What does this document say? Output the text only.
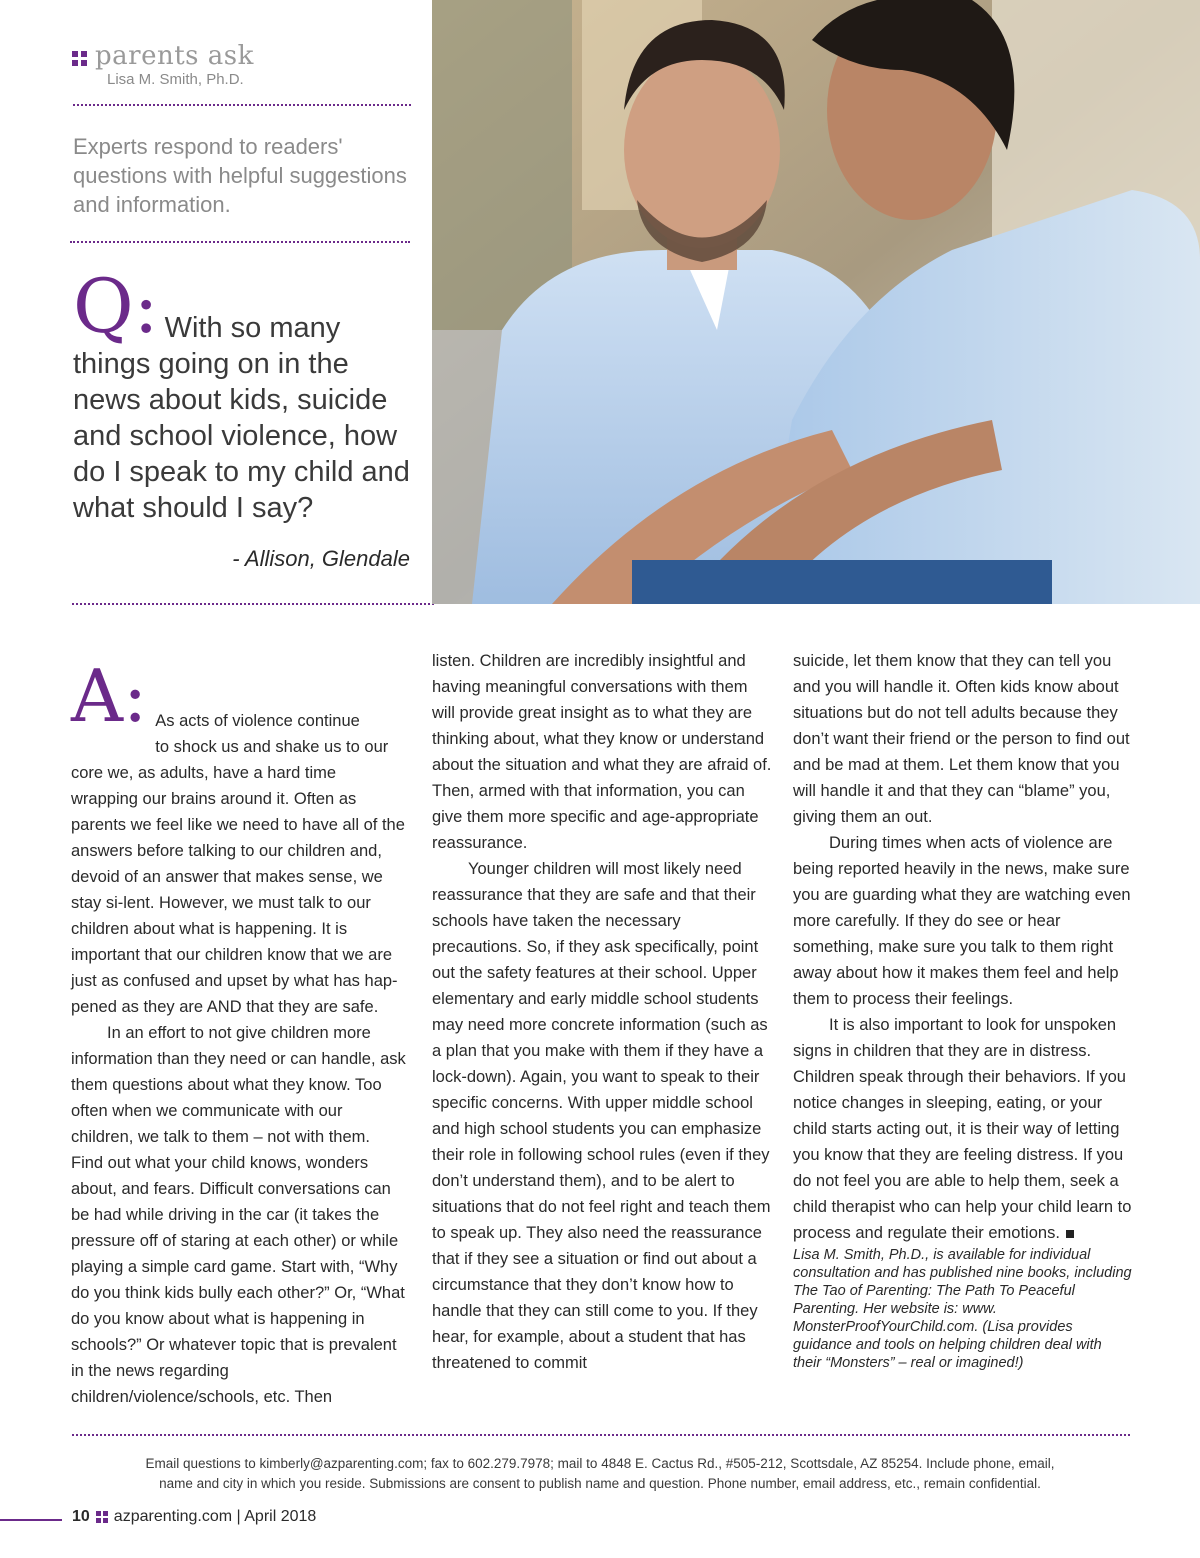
parents ask
Lisa M. Smith, Ph.D.
Experts respond to readers' questions with helpful suggestions and information.
Q: With so many things going on in the news about kids, suicide and school violence, how do I speak to my child and what should I say?
- Allison, Glendale
A: As acts of violence continue

to shock us and shake us to our core we, as adults, have a hard time wrapping our brains around it. Often as parents we feel like we need to have all of the answers before talking to our children and, devoid of an answer that makes sense, we stay si-lent. However, we must talk to our children about what is happening. It is important that our children know that we are just as confused and upset by what has hap-pened as they are AND that they are safe.

In an effort to not give children more information than they need or can handle, ask them questions about what they know. Too often when we communicate with our children, we talk to them – not with them. Find out what your child knows, wonders about, and fears. Difficult conversations can be had while driving in the car (it takes the pressure off of staring at each other) or while playing a simple card game. Start with, “Why do you think kids bully each other?” Or, “What do you know about what is happening in schools?” Or whatever topic that is prevalent in the news regarding children/violence/schools, etc. Then

listen. Children are incredibly insightful and having meaningful conversations with them will provide great insight as to what they are thinking about, what they know or understand about the situation and what they are afraid of. Then, armed with that information, you can give them more specific and age-appropriate reassurance.

Younger children will most likely need reassurance that they are safe and that their schools have taken the necessary precautions. So, if they ask specifically, point out the safety features at their school. Upper elementary and early middle school students may need more concrete information (such as a plan that you make with them if they have a lock-down). Again, you want to speak to their specific concerns. With upper middle school and high school students you can emphasize their role in following school rules (even if they don’t understand them), and to be alert to situations that do not feel right and teach them to speak up. They also need the reassurance that if they see a situation or find out about a circumstance that they don’t know how to handle that they can still come to you. If they hear, for example, about a student that has threatened to commit

suicide, let them know that they can tell you and you will handle it. Often kids know about situations but do not tell adults because they don’t want their friend or the person to find out and be mad at them. Let them know that you will handle it and that they can “blame” you, giving them an out.

During times when acts of violence are being reported heavily in the news, make sure you are guarding what they are watching even more carefully. If they do see or hear something, make sure you talk to them right away about how it makes them feel and help them to process their feelings.

It is also important to look for unspoken signs in children that they are in distress. Children speak through their behaviors. If you notice changes in sleeping, eating, or your child starts acting out, it is their way of letting you know that they are feeling distress. If you do not feel you are able to help them, seek a child therapist who can help your child learn to process and regulate their emotions.

Lisa M. Smith, Ph.D., is available for individual consultation and has published nine books, including The Tao of Parenting: The Path To Peaceful Parenting. Her website is: www. MonsterProofYourChild.com. (Lisa provides guidance and tools on helping children deal with their “Monsters” – real or imagined!)

Email questions to kimberly@azparenting.com; fax to 602.279.7978; mail to 4848 E. Cactus Rd., #505-212, Scottsdale, AZ 85254. Include phone, email,
name and city in which you reside. Submissions are consent to publish name and question. Phone number, email address, etc., remain confidential.
10 azparenting.com | April 2018
